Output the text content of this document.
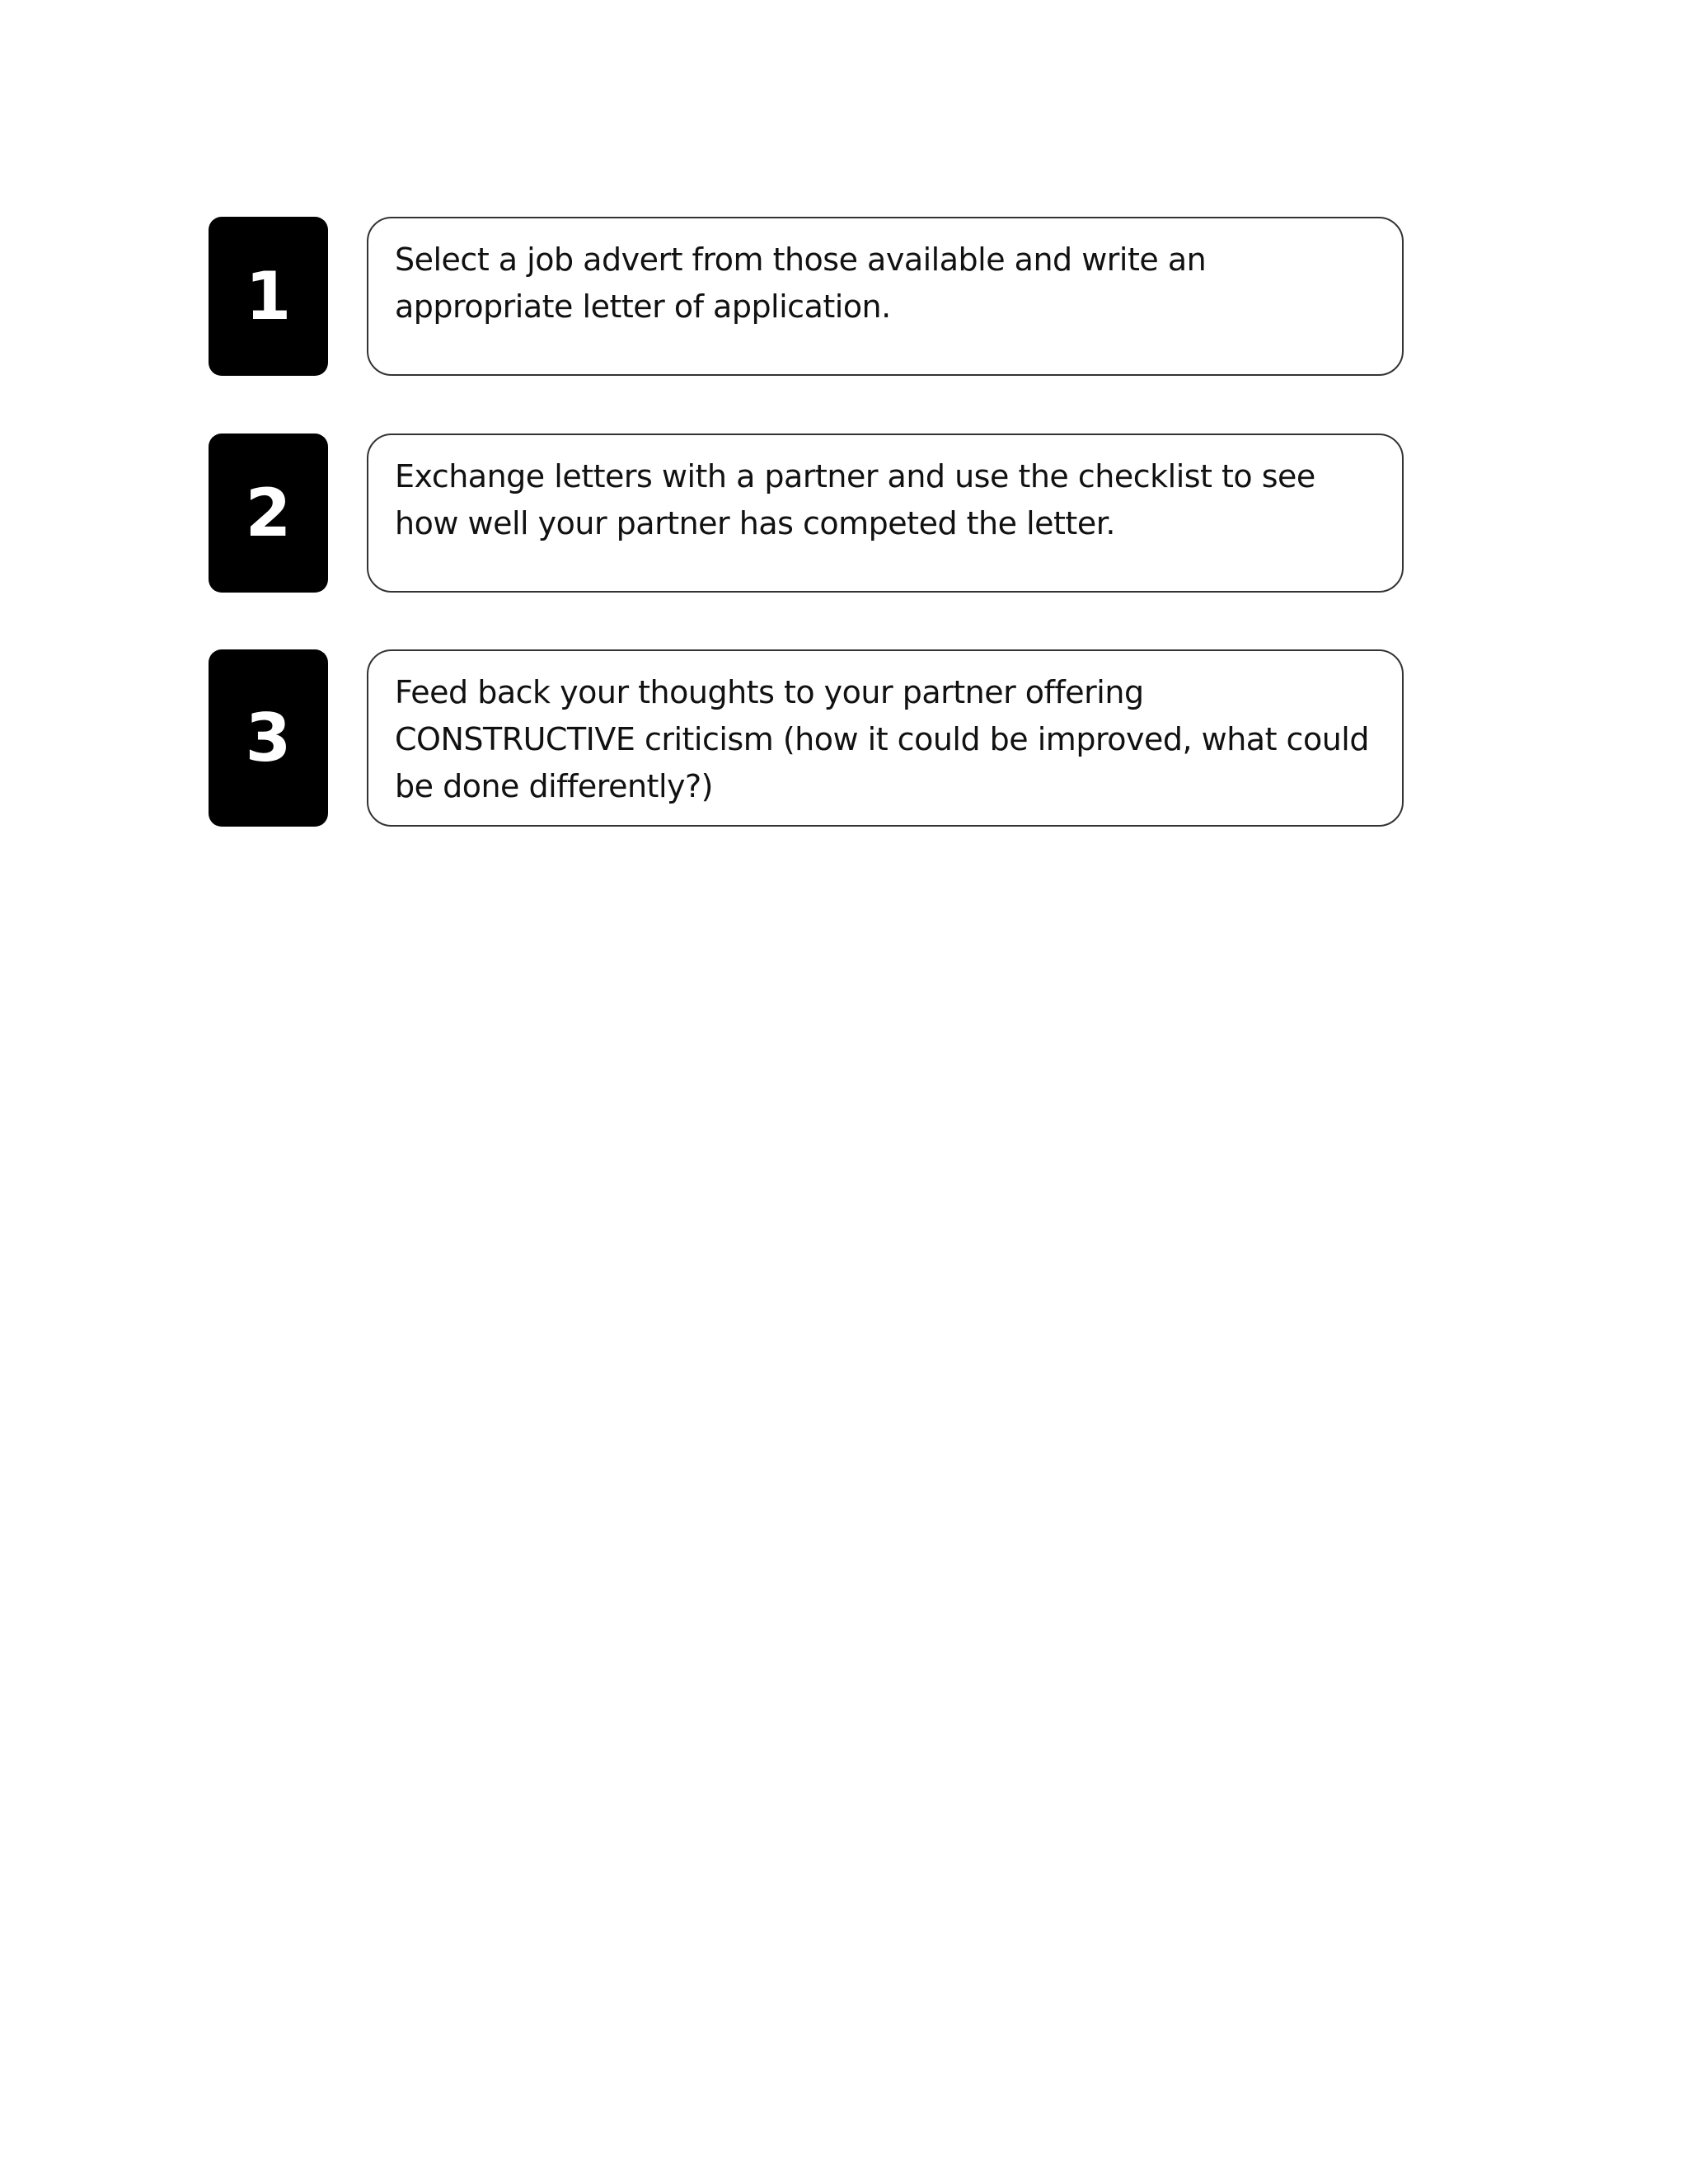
1	Select a job advert from those available and write an appropriate letter of application.

2	Exchange letters with a partner and use the checklist to see how well your partner has competed the letter.

3

Feed back your thoughts to your partner offering CONSTRUCTIVE criticism (how it could be improved, what could be done differently?)
